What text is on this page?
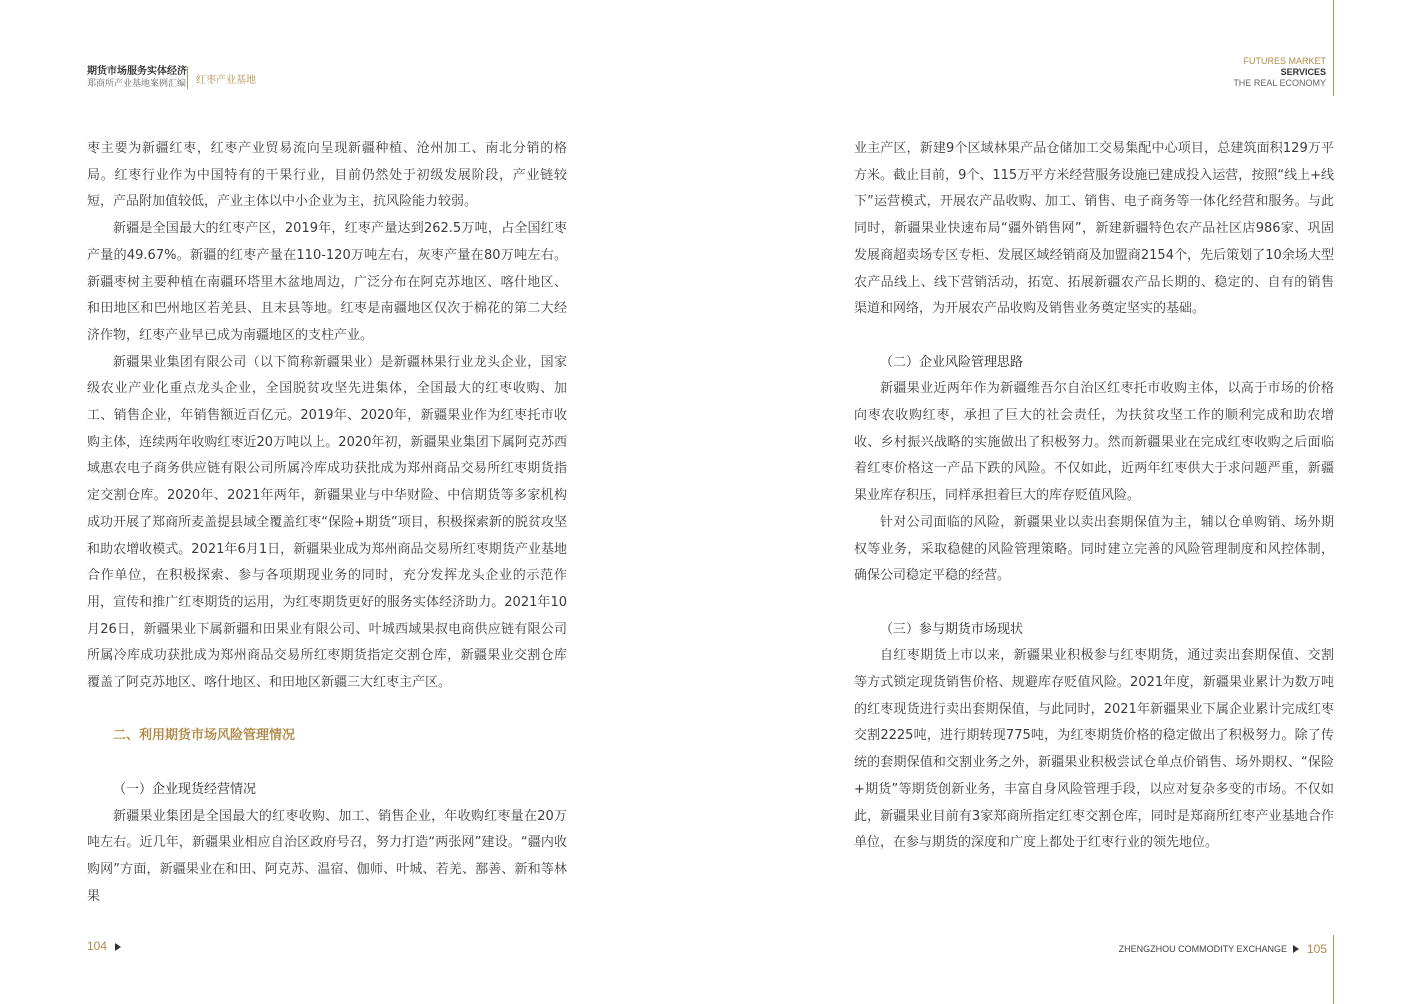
期货市场服务实体经济
郑商所产业基地案例汇编 红枣产业基地
FUTURES MARKET
SERVICES
THE REAL ECONOMY

枣主要为新疆红枣，红枣产业贸易流向呈现新疆种植、沧州加工、南北分销的格局。红枣行业作为中国特有的干果行业，目前仍然处于初级发展阶段，产业链较短，产品附加值较低，产业主体以中小企业为主，抗风险能力较弱。

新疆是全国最大的红枣产区，2019年，红枣产量达到262.5万吨，占全国红枣产量的49.67%。新疆的红枣产量在110-120万吨左右，灰枣产量在80万吨左右。新疆枣树主要种植在南疆环塔里木盆地周边，广泛分布在阿克苏地区、喀什地区、和田地区和巴州地区若羌县、且末县等地。红枣是南疆地区仅次于棉花的第二大经济作物，红枣产业早已成为南疆地区的支柱产业。

新疆果业集团有限公司（以下简称新疆果业）是新疆林果行业龙头企业，国家级农业产业化重点龙头企业，全国脱贫攻坚先进集体，全国最大的红枣收购、加工、销售企业，年销售额近百亿元。2019年、2020年，新疆果业作为红枣托市收购主体，连续两年收购红枣近20万吨以上。2020年初，新疆果业集团下属阿克苏西域惠农电子商务供应链有限公司所属冷库成功获批成为郑州商品交易所红枣期货指定交割仓库。2020年、2021年两年，新疆果业与中华财险、中信期货等多家机构成功开展了郑商所麦盖提县域全覆盖红枣“保险+期货”项目，积极探索新的脱贫攻坚和助农增收模式。2021年6月1日，新疆果业成为郑州商品交易所红枣期货产业基地合作单位，在积极探索、参与各项期现业务的同时，充分发挥龙头企业的示范作用，宣传和推广红枣期货的运用，为红枣期货更好的服务实体经济助力。2021年10月26日，新疆果业下属新疆和田果业有限公司、叶城西域果叔电商供应链有限公司所属冷库成功获批成为郑州商品交易所红枣期货指定交割仓库，新疆果业交割仓库覆盖了阿克苏地区、喀什地区、和田地区新疆三大红枣主产区。

二、利用期货市场风险管理情况

（一）企业现货经营情况

新疆果业集团是全国最大的红枣收购、加工、销售企业，年收购红枣量在20万吨左右。近几年，新疆果业相应自治区政府号召，努力打造“两张网”建设。“疆内收购网”方面，新疆果业在和田、阿克苏、温宿、伽师、叶城、若羌、鄯善、新和等林果

业主产区，新建9个区域林果产品仓储加工交易集配中心项目，总建筑面积129万平方米。截止目前，9个、115万平方米经营服务设施已建成投入运营，按照“线上+线下”运营模式，开展农产品收购、加工、销售、电子商务等一体化经营和服务。与此同时，新疆果业快速布局“疆外销售网”，新建新疆特色农产品社区店986家、巩固发展商超卖场专区专柜、发展区域经销商及加盟商2154个，先后策划了10余场大型农产品线上、线下营销活动，拓宽、拓展新疆农产品长期的、稳定的、自有的销售渠道和网络，为开展农产品收购及销售业务奠定坚实的基础。

（二）企业风险管理思路

新疆果业近两年作为新疆维吾尔自治区红枣托市收购主体，以高于市场的价格向枣农收购红枣，承担了巨大的社会责任，为扶贫攻坚工作的顺利完成和助农增收、乡村振兴战略的实施做出了积极努力。然而新疆果业在完成红枣收购之后面临着红枣价格这一产品下跌的风险。不仅如此，近两年红枣供大于求问题严重，新疆果业库存积压，同样承担着巨大的库存贬值风险。

针对公司面临的风险，新疆果业以卖出套期保值为主，辅以仓单购销、场外期权等业务，采取稳健的风险管理策略。同时建立完善的风险管理制度和风控体制，确保公司稳定平稳的经营。

（三）参与期货市场现状

自红枣期货上市以来，新疆果业积极参与红枣期货，通过卖出套期保值、交割等方式锁定现货销售价格、规避库存贬值风险。2021年度，新疆果业累计为数万吨的红枣现货进行卖出套期保值，与此同时，2021年新疆果业下属企业累计完成红枣交割2225吨，进行期转现775吨，为红枣期货价格的稳定做出了积极努力。除了传统的套期保值和交割业务之外，新疆果业积极尝试仓单点价销售、场外期权、“保险+期货”等期货创新业务，丰富自身风险管理手段，以应对复杂多变的市场。不仅如此，新疆果业目前有3家郑商所指定红枣交割仓库，同时是郑商所红枣产业基地合作单位，在参与期货的深度和广度上都处于红枣行业的领先地位。

104	ZHENGZHOU COMMODITY EXCHANGE 105
